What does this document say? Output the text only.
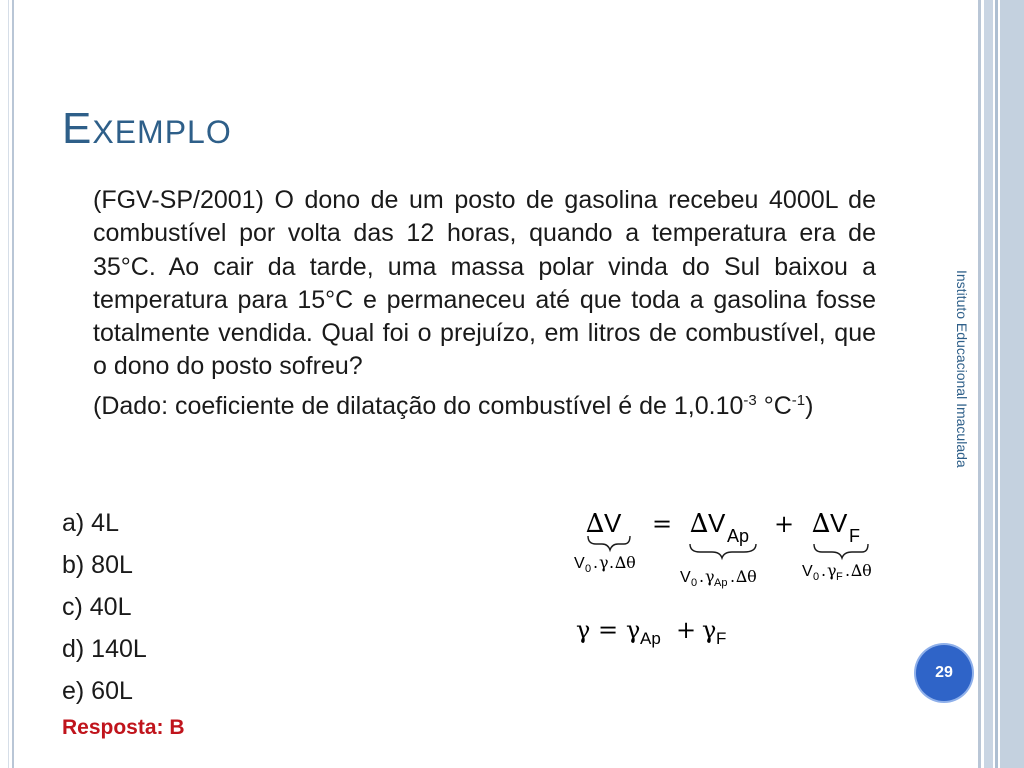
EXEMPLO

(FGV-SP/2001) O dono de um posto de gasolina recebeu 4000L de combustível por volta das 12 horas, quando a temperatura era de 35°C. Ao cair da tarde, uma massa polar vinda do Sul baixou a temperatura para 15°C e permaneceu até que toda a gasolina fosse totalmente vendida. Qual foi o prejuízo, em litros de combustível, que o dono do posto sofreu?

(Dado: coeficiente de dilatação do combustível é de $1,0.10^{-3}$ $^\circ C^{-1}$)

a) 4L
b) 80L
c) 40L
d) 140L
e) 60L
Resposta: B
Instituto Educacional Imaculada
29
∆ V = ∆ V Ap + ∆ V F
V 0 . γ . ∆θ
V 0 . γ Ap . ∆θ	V 0 . γ F . ∆θ
γ = γ Ap + γ F
